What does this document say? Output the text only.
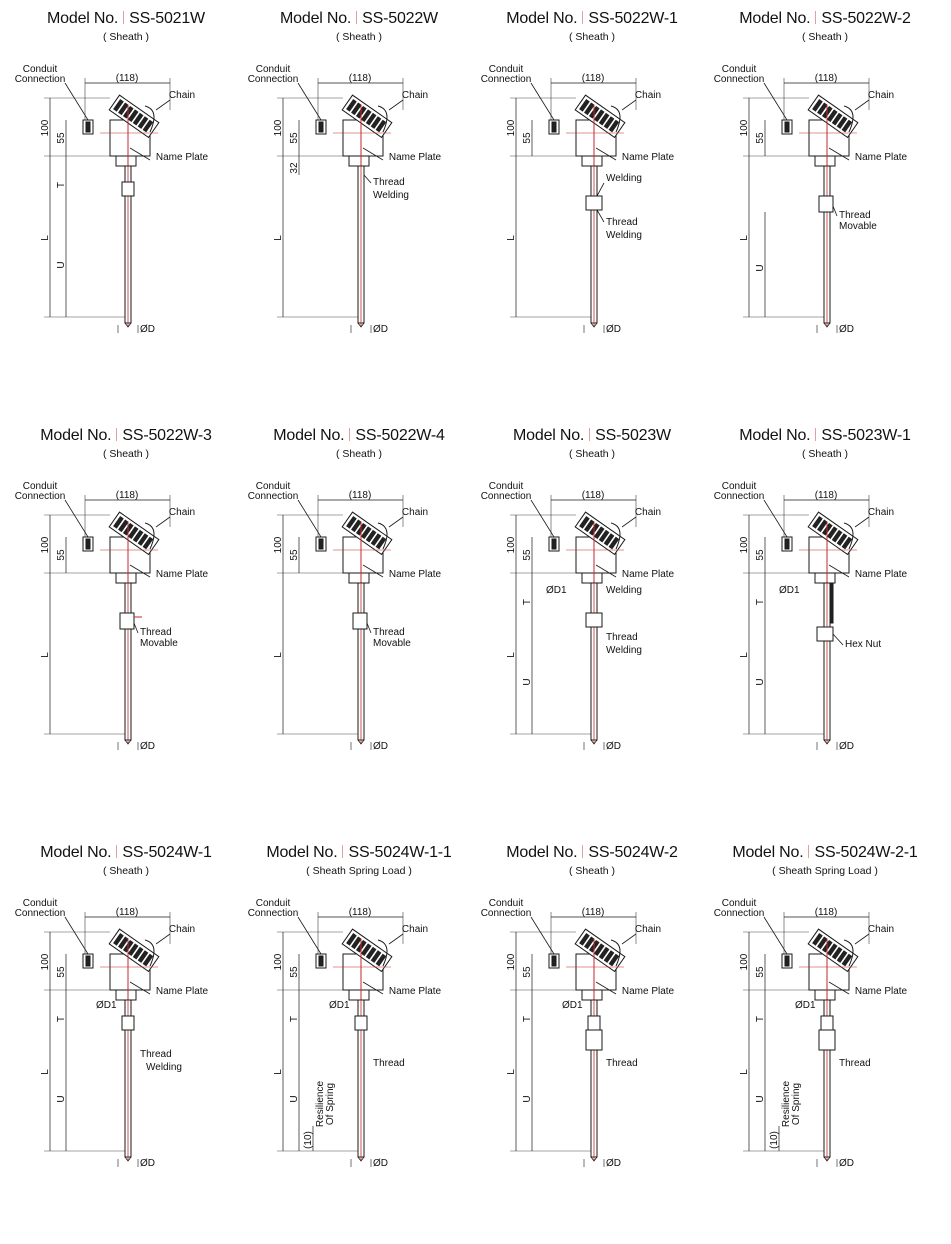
Model No. SS-5021W
( Sheath )
Conduit
Connection
Chain
(118)
Name Plate
100
55
L
ØD
T
U
Model No. SS-5022W
( Sheath )
Conduit
Connection
Chain
(118)
Name Plate
100
55
L
ØD
32
Thread
Welding
Model No. SS-5022W-1
( Sheath )
Conduit
Connection
Chain
(118)
Name Plate
100
55
L
ØD
Welding
Thread
Welding
Model No. SS-5022W-2
( Sheath )
Conduit
Connection
Chain
(118)
Name Plate
100
55
L
ØD
U
Thread
Movable
Model No. SS-5022W-3
( Sheath )
Conduit
Connection
Chain
(118)
Name Plate
100
55
L
ØD
Thread
Movable
Model No. SS-5022W-4
( Sheath )
Conduit
Connection
Chain
(118)
Name Plate
100
55
L
ØD
Thread
Movable
Model No. SS-5023W
( Sheath )
Conduit
Connection
Chain
(118)
Name Plate
100
55
L
ØD
T
U
ØD1	Welding
Thread
Welding
Model No. SS-5023W-1
( Sheath )
Conduit
Connection
Chain
(118)
Name Plate
100
55
L
ØD
T
U
ØD1
Hex Nut
Model No. SS-5024W-1
( Sheath )
Conduit
Connection
Chain
(118)
Name Plate
100
55
L
ØD
T
U
ØD1
Thread
Welding
Model No. SS-5024W-1-1
( Sheath Spring Load )
Conduit
Connection
Chain
(118)
Name Plate
100
55
L
ØD
T
U
ØD1
Thread
(10)
Resilience Of Spring
Model No. SS-5024W-2
( Sheath )
Conduit
Connection
Chain
(118)
Name Plate
100
55
L
ØD
T
U
ØD1
Thread
Model No. SS-5024W-2-1
( Sheath Spring Load )
Conduit
Connection
Chain
(118)
Name Plate
100
55
L
ØD
T
U
ØD1
Thread
(10)
Resilience Of Spring
